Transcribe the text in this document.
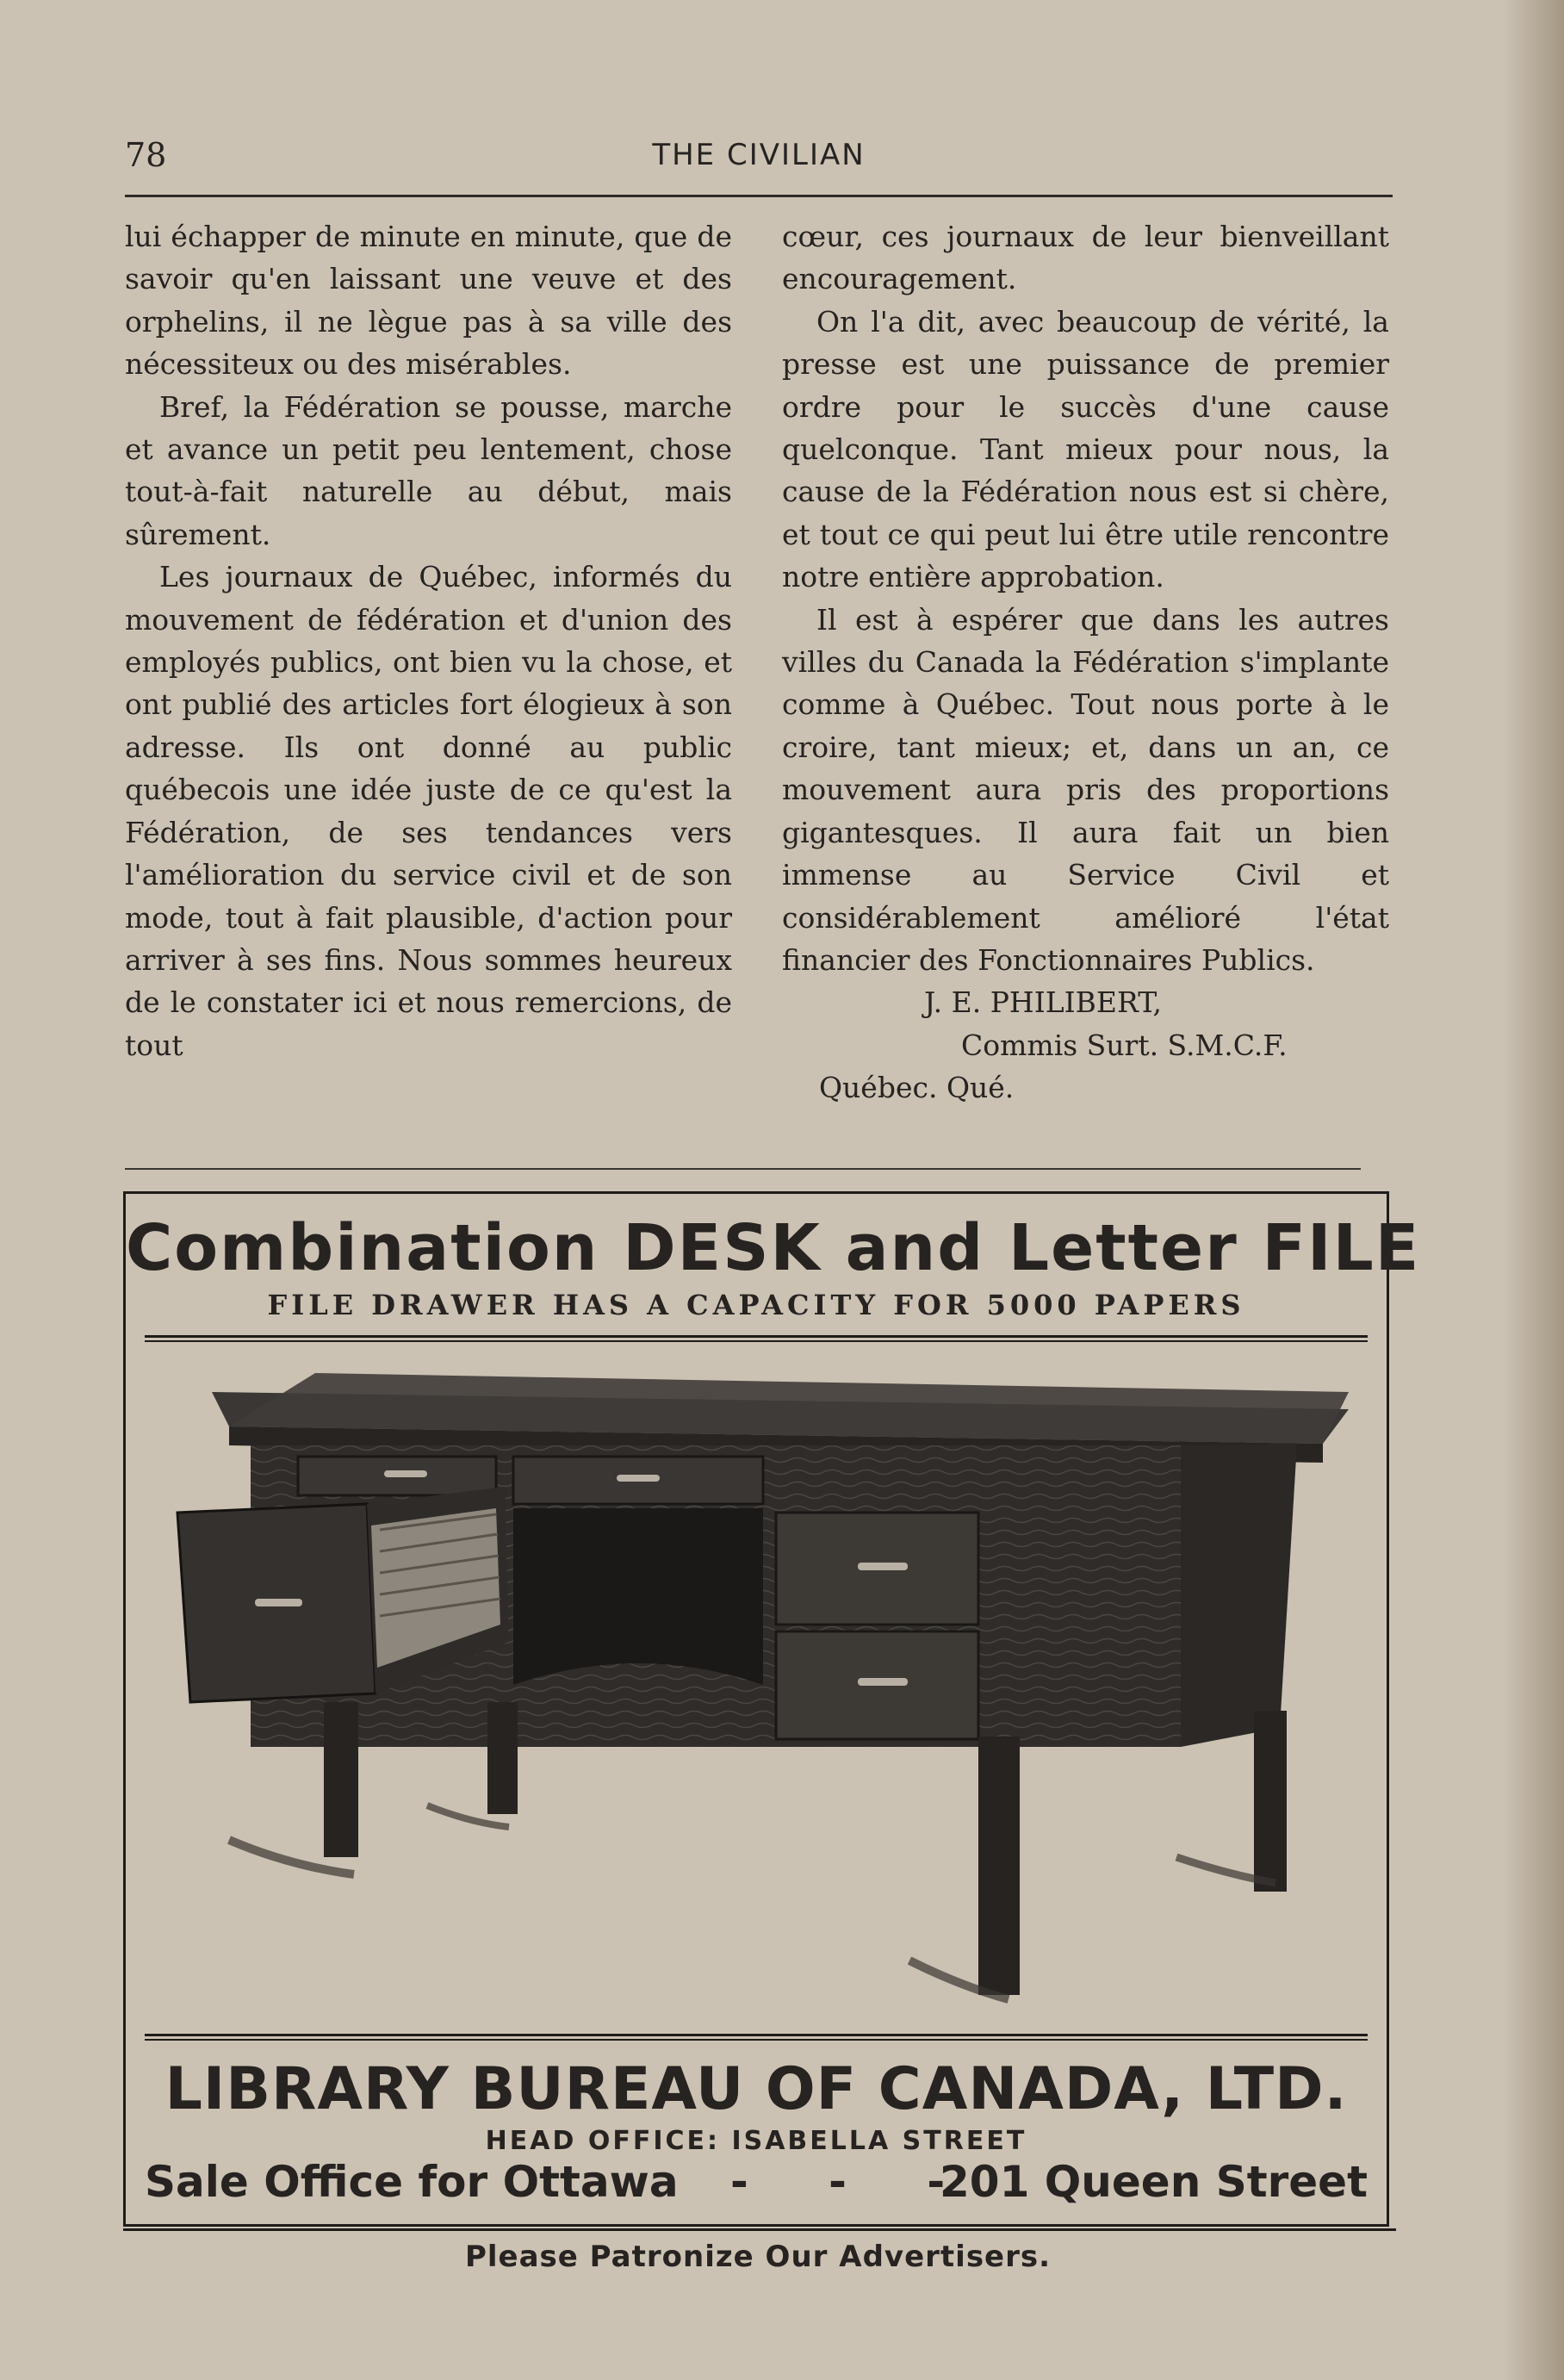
78	THE CIVILIAN

lui échapper de minute en minute, que de savoir qu'en laissant une veuve et des orphelins, il ne lègue pas à sa ville des nécessiteux ou des misérables.

Bref, la Fédération se pousse, marche et avance un petit peu lentement, chose tout-à-fait naturelle au début, mais sûrement.

Les journaux de Québec, informés du mouvement de fédération et d'union des employés publics, ont bien vu la chose, et ont publié des articles fort élogieux à son adresse. Ils ont donné au public québecois une idée juste de ce qu'est la Fédération, de ses tendances vers l'amélioration du service civil et de son mode, tout à fait plausible, d'action pour arriver à ses fins. Nous sommes heureux de le constater ici et nous remercions, de tout

cœur, ces journaux de leur bienveillant encouragement.

On l'a dit, avec beaucoup de vérité, la presse est une puissance de premier ordre pour le succès d'une cause quelconque. Tant mieux pour nous, la cause de la Fédération nous est si chère, et tout ce qui peut lui être utile rencontre notre entière approbation.

Il est à espérer que dans les autres villes du Canada la Fédération s'implante comme à Québec. Tout nous porte à le croire, tant mieux; et, dans un an, ce mouvement aura pris des proportions gigantesques. Il aura fait un bien immense au Service Civil et considérablement amélioré l'état financier des Fonctionnaires Publics.

J. E. PHILIBERT,
Commis Surt. S.M.C.F.
Québec. Qué.
Combination DESK and Letter FILE
FILE DRAWER HAS A CAPACITY FOR 5000 PAPERS
LIBRARY BUREAU OF CANADA, LTD.
HEAD OFFICE: ISABELLA STREET
Sale Office for Ottawa - - -
201 Queen Street
Please Patronize Our Advertisers.
